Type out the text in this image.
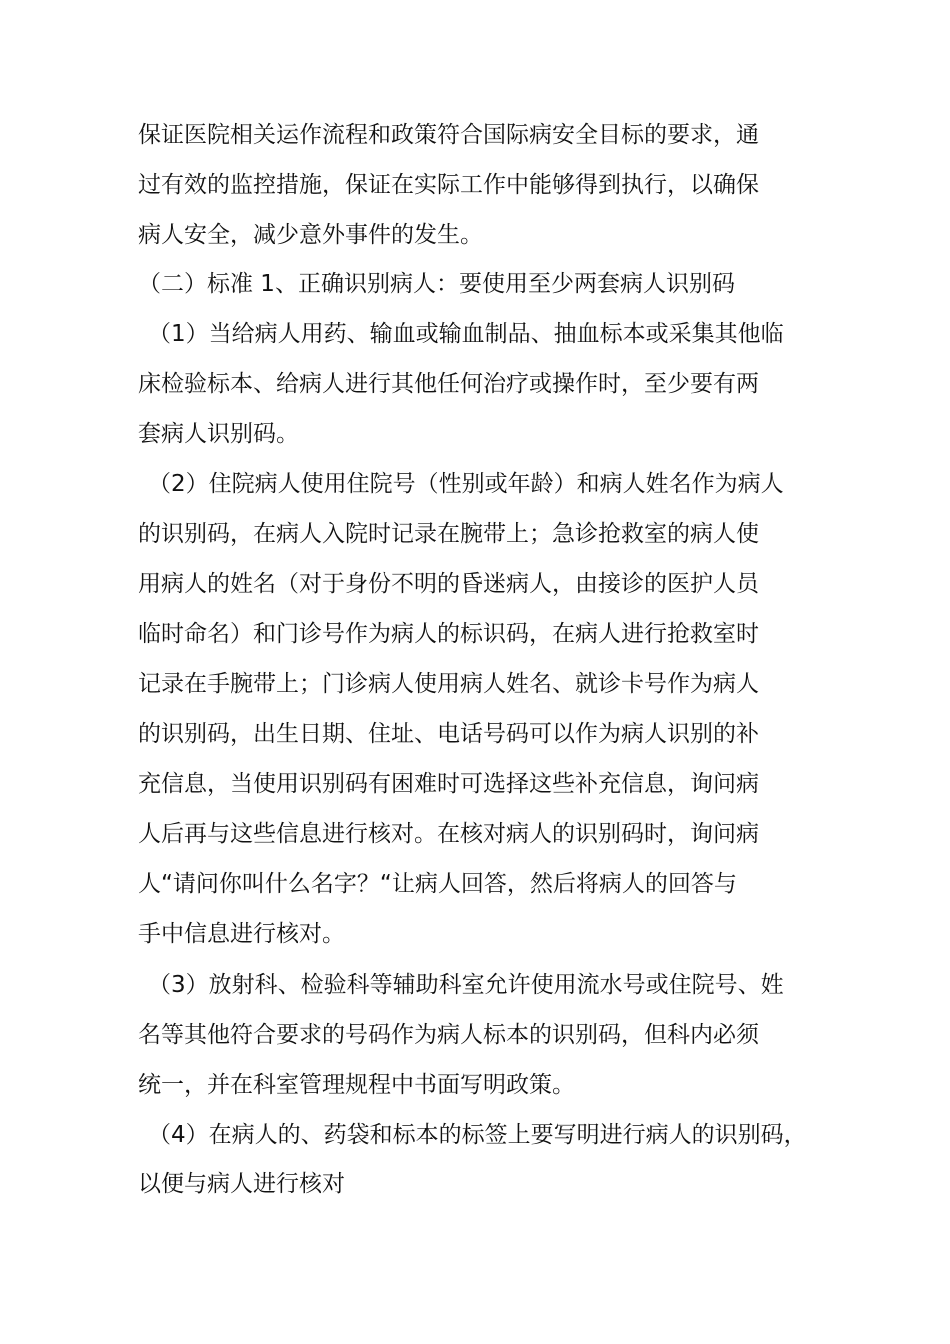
保证医院相关运作流程和政策符合国际病安全目标的要求，通
过有效的监控措施，保证在实际工作中能够得到执行，以确保
病人安全，减少意外事件的发生。
（二）标准 1、正确识别病人：要使用至少两套病人识别码
（1）当给病人用药、输血或输血制品、抽血标本或采集其他临
床检验标本、给病人进行其他任何治疗或操作时，至少要有两
套病人识别码。
（2）住院病人使用住院号（性别或年龄）和病人姓名作为病人
的识别码，在病人入院时记录在腕带上；急诊抢救室的病人使
用病人的姓名（对于身份不明的昏迷病人，由接诊的医护人员
临时命名）和门诊号作为病人的标识码，在病人进行抢救室时
记录在手腕带上；门诊病人使用病人姓名、就诊卡号作为病人
的识别码，出生日期、住址、电话号码可以作为病人识别的补
充信息，当使用识别码有困难时可选择这些补充信息，询问病
人后再与这些信息进行核对。在核对病人的识别码时，询问病
人“请问你叫什么名字？“让病人回答，然后将病人的回答与
手中信息进行核对。
（3）放射科、检验科等辅助科室允许使用流水号或住院号、姓
名等其他符合要求的号码作为病人标本的识别码，但科内必须
统一，并在科室管理规程中书面写明政策。
（4）在病人的、药袋和标本的标签上要写明进行病人的识别码，
以便与病人进行核对
